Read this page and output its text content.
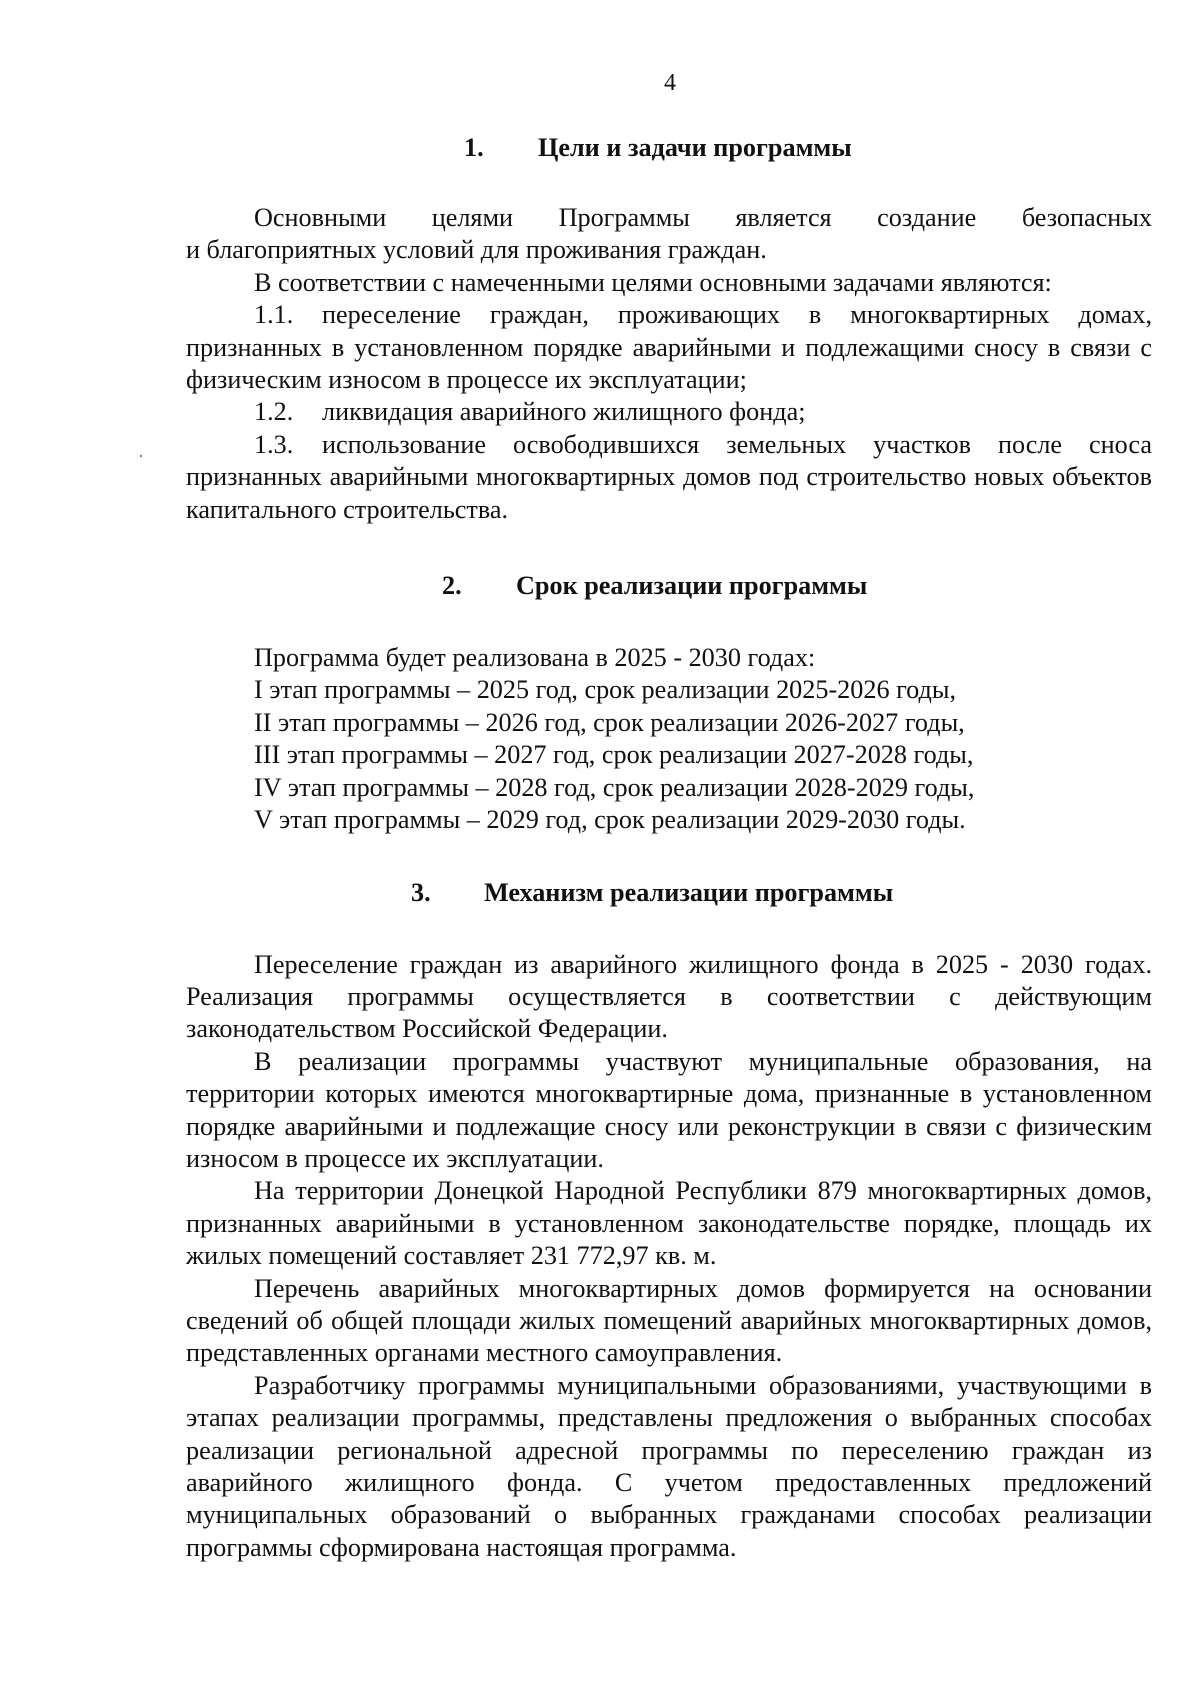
4
1. Цели и задачи программы

Основными целями Программы является создание безопасных

и благоприятных условий для проживания граждан.

В соответствии с намеченными целями основными задачами являются:

1.1. переселение граждан, проживающих в многоквартирных домах, признанных в установленном порядке аварийными и подлежащими сносу в связи с физическим износом в процессе их эксплуатации;

1.2. ликвидация аварийного жилищного фонда;

1.3. использование освободившихся земельных участков после сноса признанных аварийными многоквартирных домов под строительство новых объектов капитального строительства.

2. Срок реализации программы

Программа будет реализована в 2025 - 2030 годах:

I этап программы – 2025 год, срок реализации 2025-2026 годы,

II этап программы – 2026 год, срок реализации 2026-2027 годы,

III этап программы – 2027 год, срок реализации 2027-2028 годы,

IV этап программы – 2028 год, срок реализации 2028-2029 годы,

V этап программы – 2029 год, срок реализации 2029-2030 годы.

3. Механизм реализации программы

Переселение граждан из аварийного жилищного фонда в 2025 - 2030 годах. Реализация программы осуществляется в соответствии с действующим законодательством Российской Федерации.

В реализации программы участвуют муниципальные образования, на территории которых имеются многоквартирные дома, признанные в установленном порядке аварийными и подлежащие сносу или реконструкции в связи с физическим износом в процессе их эксплуатации.

На территории Донецкой Народной Республики 879 многоквартирных домов, признанных аварийными в установленном законодательстве порядке, площадь их жилых помещений составляет 231 772,97 кв. м.

Перечень аварийных многоквартирных домов формируется на основании сведений об общей площади жилых помещений аварийных многоквартирных домов, представленных органами местного самоуправления.

Разработчику программы муниципальными образованиями, участвующими в этапах реализации программы, представлены предложения о выбранных способах реализации региональной адресной программы по переселению граждан из аварийного жилищного фонда. С учетом предоставленных предложений муниципальных образований о выбранных гражданами способах реализации программы сформирована настоящая программа.
